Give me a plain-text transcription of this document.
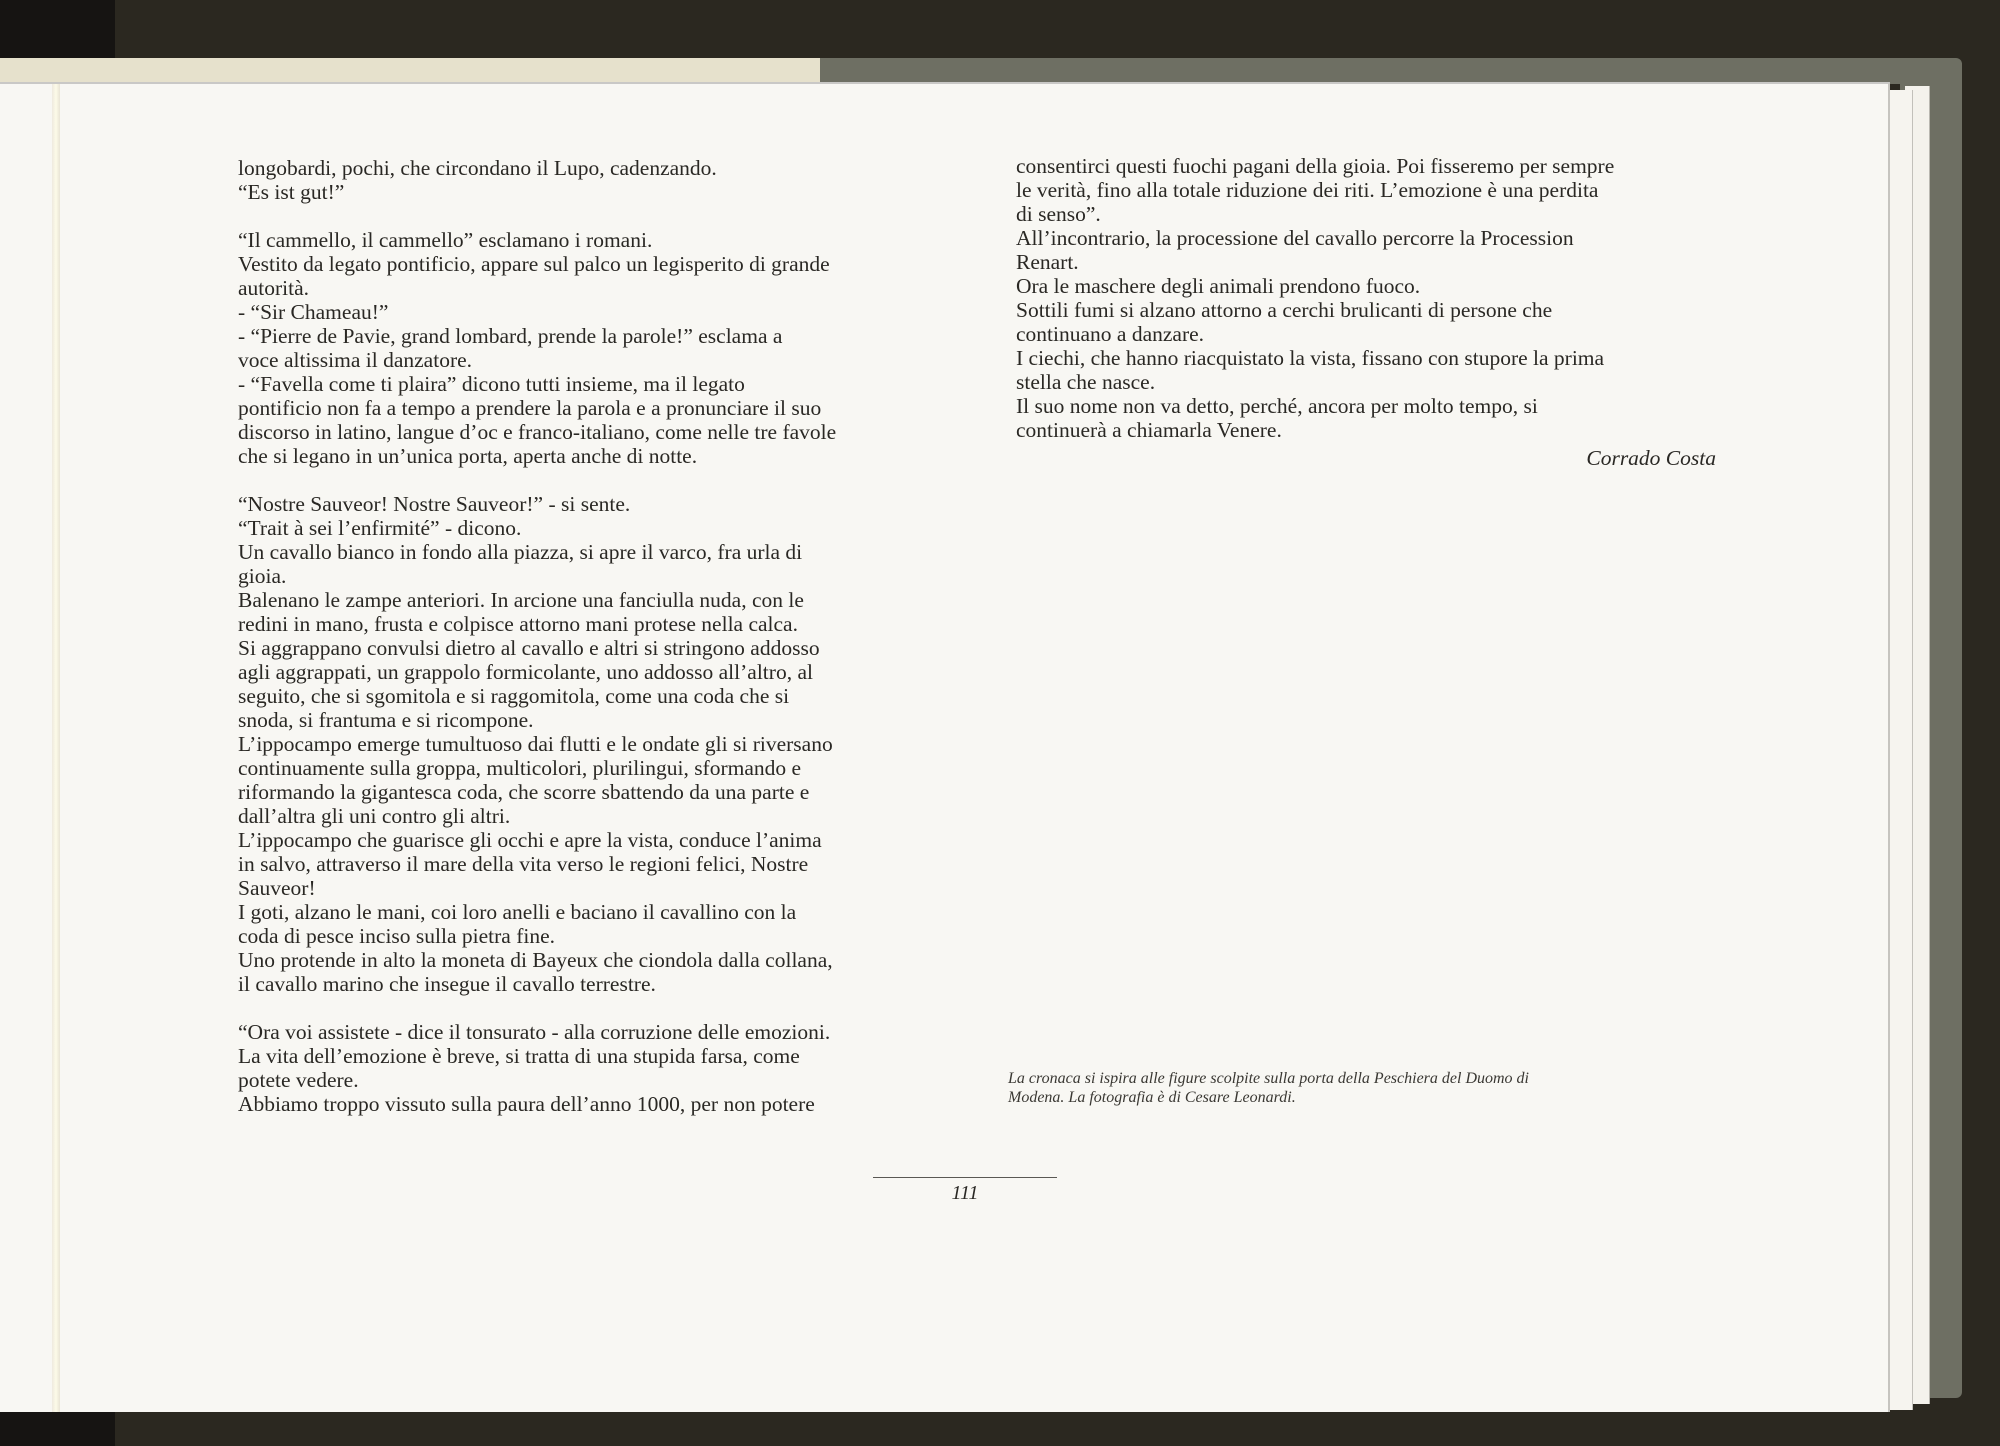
longobardi, pochi, che circondano il Lupo, cadenzando.
“Es ist gut!”

“Il cammello, il cammello” esclamano i romani.
Vestito da legato pontificio, appare sul palco un legisperito di grande
autorità.
- “Sir Chameau!”
- “Pierre de Pavie, grand lombard, prende la parole!” esclama a
voce altissima il danzatore.
- “Favella come ti plaira” dicono tutti insieme, ma il legato
pontificio non fa a tempo a prendere la parola e a pronunciare il suo
discorso in latino, langue d’oc e franco-italiano, come nelle tre favole
che si legano in un’unica porta, aperta anche di notte.

“Nostre Sauveor! Nostre Sauveor!” - si sente.
“Trait à sei l’enfirmité” - dicono.
Un cavallo bianco in fondo alla piazza, si apre il varco, fra urla di
gioia.
Balenano le zampe anteriori. In arcione una fanciulla nuda, con le
redini in mano, frusta e colpisce attorno mani protese nella calca.
Si aggrappano convulsi dietro al cavallo e altri si stringono addosso
agli aggrappati, un grappolo formicolante, uno addosso all’altro, al
seguito, che si sgomitola e si raggomitola, come una coda che si
snoda, si frantuma e si ricompone.
L’ippocampo emerge tumultuoso dai flutti e le ondate gli si riversano
continuamente sulla groppa, multicolori, plurilingui, sformando e
riformando la gigantesca coda, che scorre sbattendo da una parte e
dall’altra gli uni contro gli altri.
L’ippocampo che guarisce gli occhi e apre la vista, conduce l’anima
in salvo, attraverso il mare della vita verso le regioni felici, Nostre
Sauveor!
I goti, alzano le mani, coi loro anelli e baciano il cavallino con la
coda di pesce inciso sulla pietra fine.
Uno protende in alto la moneta di Bayeux che ciondola dalla collana,
il cavallo marino che insegue il cavallo terrestre.

“Ora voi assistete - dice il tonsurato - alla corruzione delle emozioni.
La vita dell’emozione è breve, si tratta di una stupida farsa, come
potete vedere.
Abbiamo troppo vissuto sulla paura dell’anno 1000, per non potere

consentirci questi fuochi pagani della gioia. Poi fisseremo per sempre
le verità, fino alla totale riduzione dei riti. L’emozione è una perdita
di senso”.
All’incontrario, la processione del cavallo percorre la Procession
Renart.
Ora le maschere degli animali prendono fuoco.
Sottili fumi si alzano attorno a cerchi brulicanti di persone che
continuano a danzare.
I ciechi, che hanno riacquistato la vista, fissano con stupore la prima
stella che nasce.
Il suo nome non va detto, perché, ancora per molto tempo, si
continuerà a chiamarla Venere.
Corrado Costa
La cronaca si ispira alle figure scolpite sulla porta della Peschiera del Duomo di
Modena. La fotografia è di Cesare Leonardi.
111
